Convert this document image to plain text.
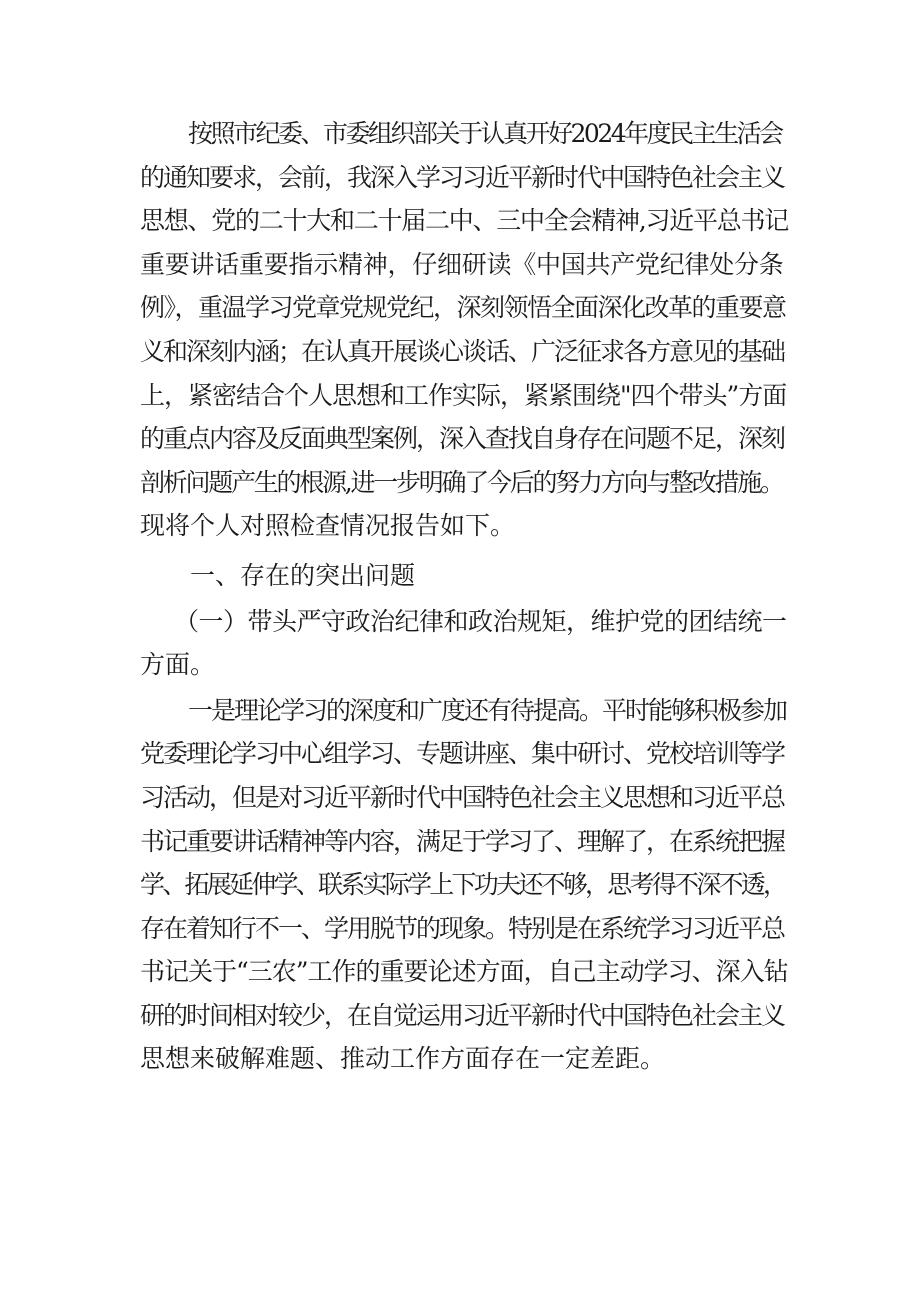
按照市纪委、市委组织部关于认真开好2024年度民主生活会
的通知要求，会前，我深入学习习近平新时代中国特色社会主义
思想、党的二十大和二十届二中、三中全会精神,习近平总书记
重要讲话重要指示精神，仔细研读《中国共产党纪律处分条
例》，重温学习党章党规党纪，深刻领悟全面深化改革的重要意
义和深刻内涵；在认真开展谈心谈话、广泛征求各方意见的基础
上，紧密结合个人思想和工作实际，紧紧围绕"四个带头”方面
的重点内容及反面典型案例，深入查找自身存在问题不足，深刻
剖析问题产生的根源,进一步明确了今后的努力方向与整改措施。
现将个人对照检查情况报告如下。
一、存在的突出问题
（一）带头严守政治纪律和政治规矩，维护党的团结统一
方面。
一是理论学习的深度和广度还有待提高。平时能够积极参加
党委理论学习中心组学习、专题讲座、集中研讨、党校培训等学
习活动，但是对习近平新时代中国特色社会主义思想和习近平总
书记重要讲话精神等内容，满足于学习了、理解了，在系统把握
学、拓展延伸学、联系实际学上下功夫还不够，思考得不深不透，
存在着知行不一、学用脱节的现象。特别是在系统学习习近平总
书记关于“三农”工作的重要论述方面，自己主动学习、深入钻
研的时间相对较少，在自觉运用习近平新时代中国特色社会主义
思想来破解难题、推动工作方面存在一定差距。
